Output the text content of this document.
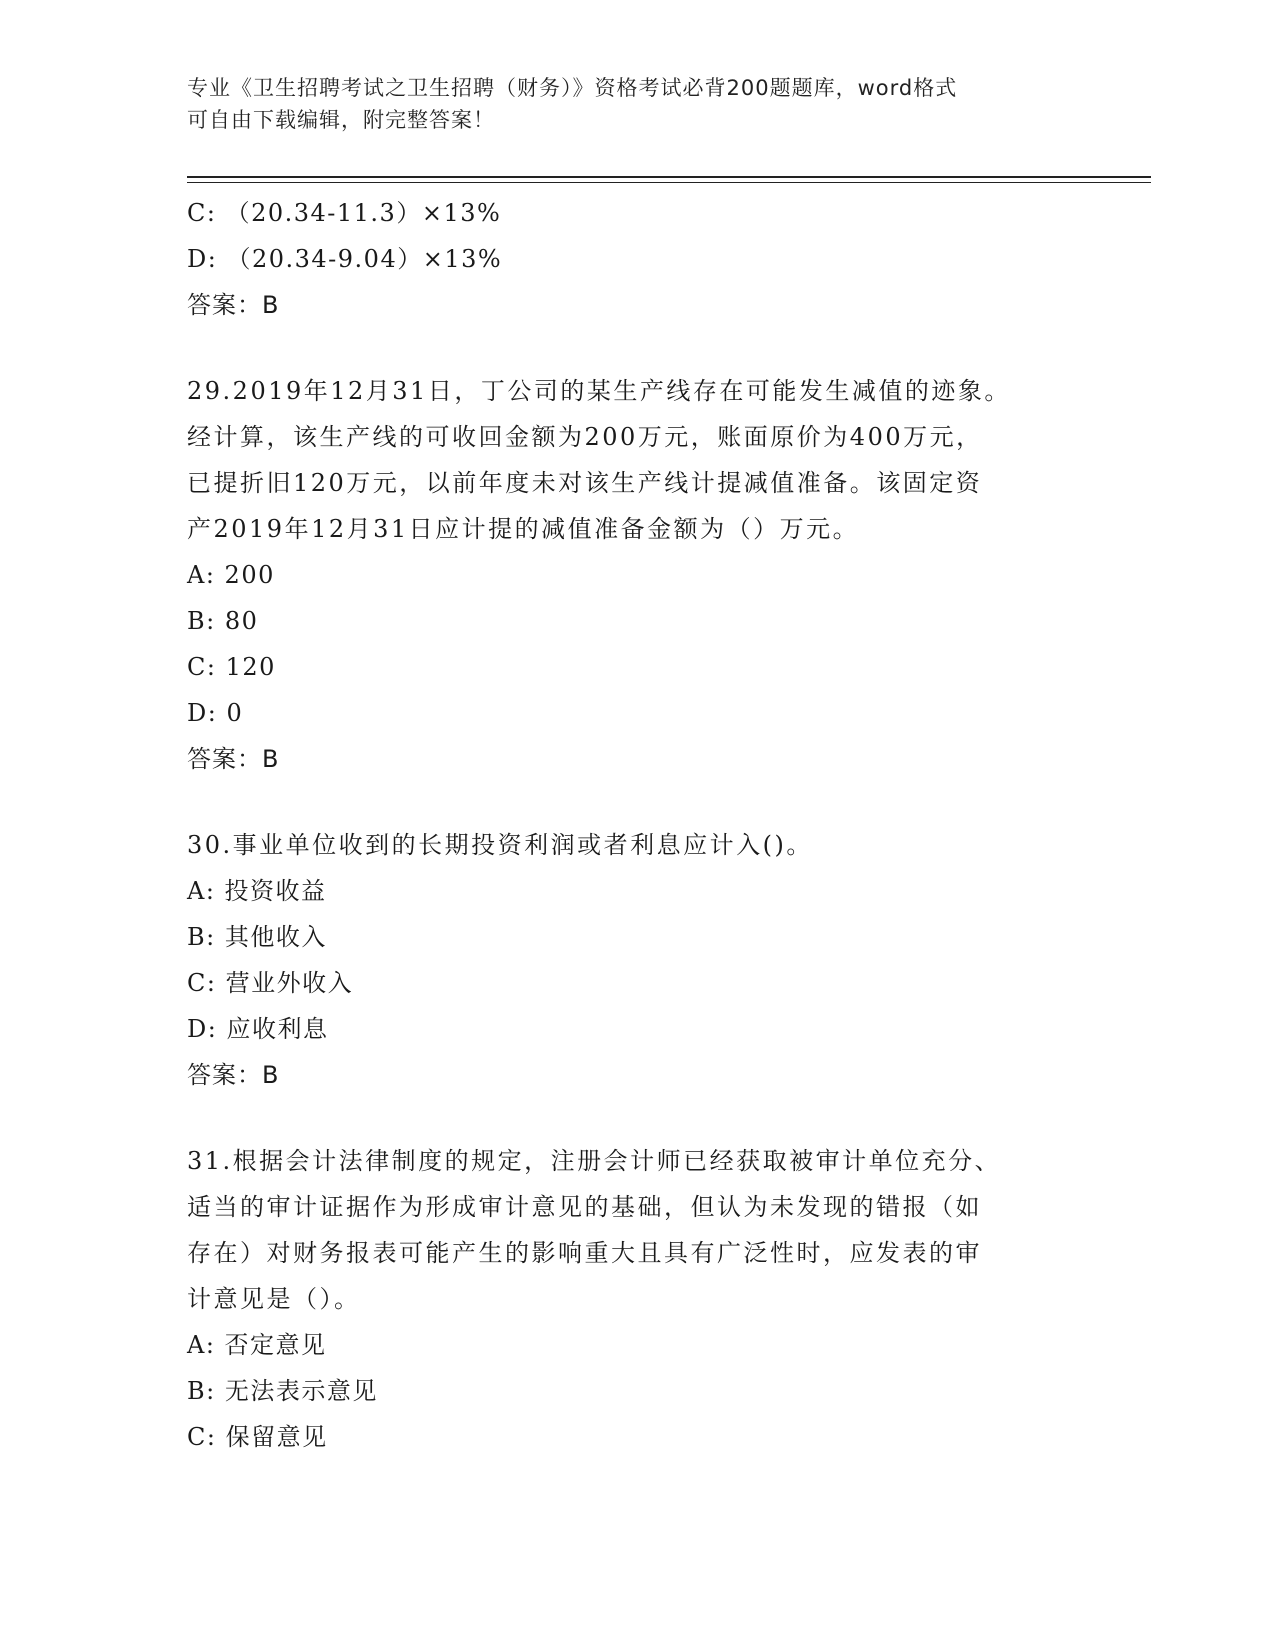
专业《卫生招聘考试之卫生招聘（财务）》资格考试必背200题题库，word格式
可自由下载编辑，附完整答案！
C: （20.34-11.3）×13%
D: （20.34-9.04）×13%
答案：B
29.2019年12月31日，丁公司的某生产线存在可能发生减值的迹象。
经计算，该生产线的可收回金额为200万元，账面原价为400万元，
已提折旧120万元，以前年度未对该生产线计提减值准备。该固定资
产2019年12月31日应计提的减值准备金额为（）万元。
A: 200
B: 80
C: 120
D: 0
答案：B
30.事业单位收到的长期投资利润或者利息应计入()。
A: 投资收益
B: 其他收入
C: 营业外收入
D: 应收利息
答案：B
31.根据会计法律制度的规定，注册会计师已经获取被审计单位充分、
适当的审计证据作为形成审计意见的基础，但认为未发现的错报（如
存在）对财务报表可能产生的影响重大且具有广泛性时，应发表的审
计意见是（）。
A: 否定意见
B: 无法表示意见
C: 保留意见
